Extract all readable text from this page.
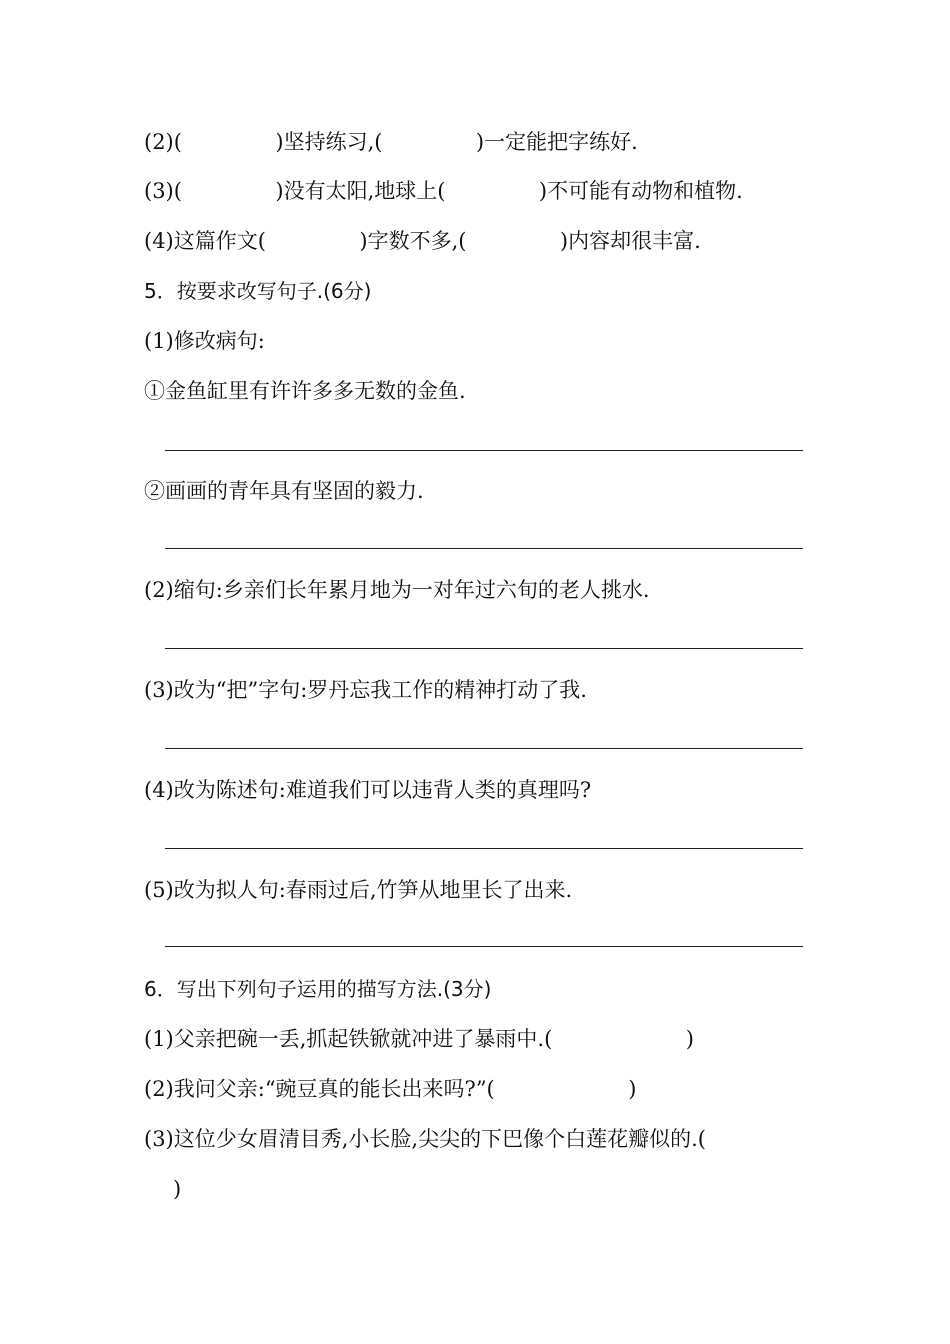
(2)(              )坚持练习,(              )一定能把字练好.

(3)(              )没有太阳,地球上(              )不可能有动物和植物.

(4)这篇作文(              )字数不多,(              )内容却很丰富.

5．按要求改写句子.(6分)

(1)修改病句:

①金鱼缸里有许许多多无数的金鱼.

②画画的青年具有坚固的毅力.

(2)缩句:乡亲们长年累月地为一对年过六旬的老人挑水.

(3)改为“把”字句:罗丹忘我工作的精神打动了我.

(4)改为陈述句:难道我们可以违背人类的真理吗?

(5)改为拟人句:春雨过后,竹笋从地里长了出来.

6．写出下列句子运用的描写方法.(3分)

(1)父亲把碗一丢,抓起铁锨就冲进了暴雨中.(                    )

(2)我问父亲:“豌豆真的能长出来吗?”(                    )

(3)这位少女眉清目秀,小长脸,尖尖的下巴像个白莲花瓣似的.(

)
